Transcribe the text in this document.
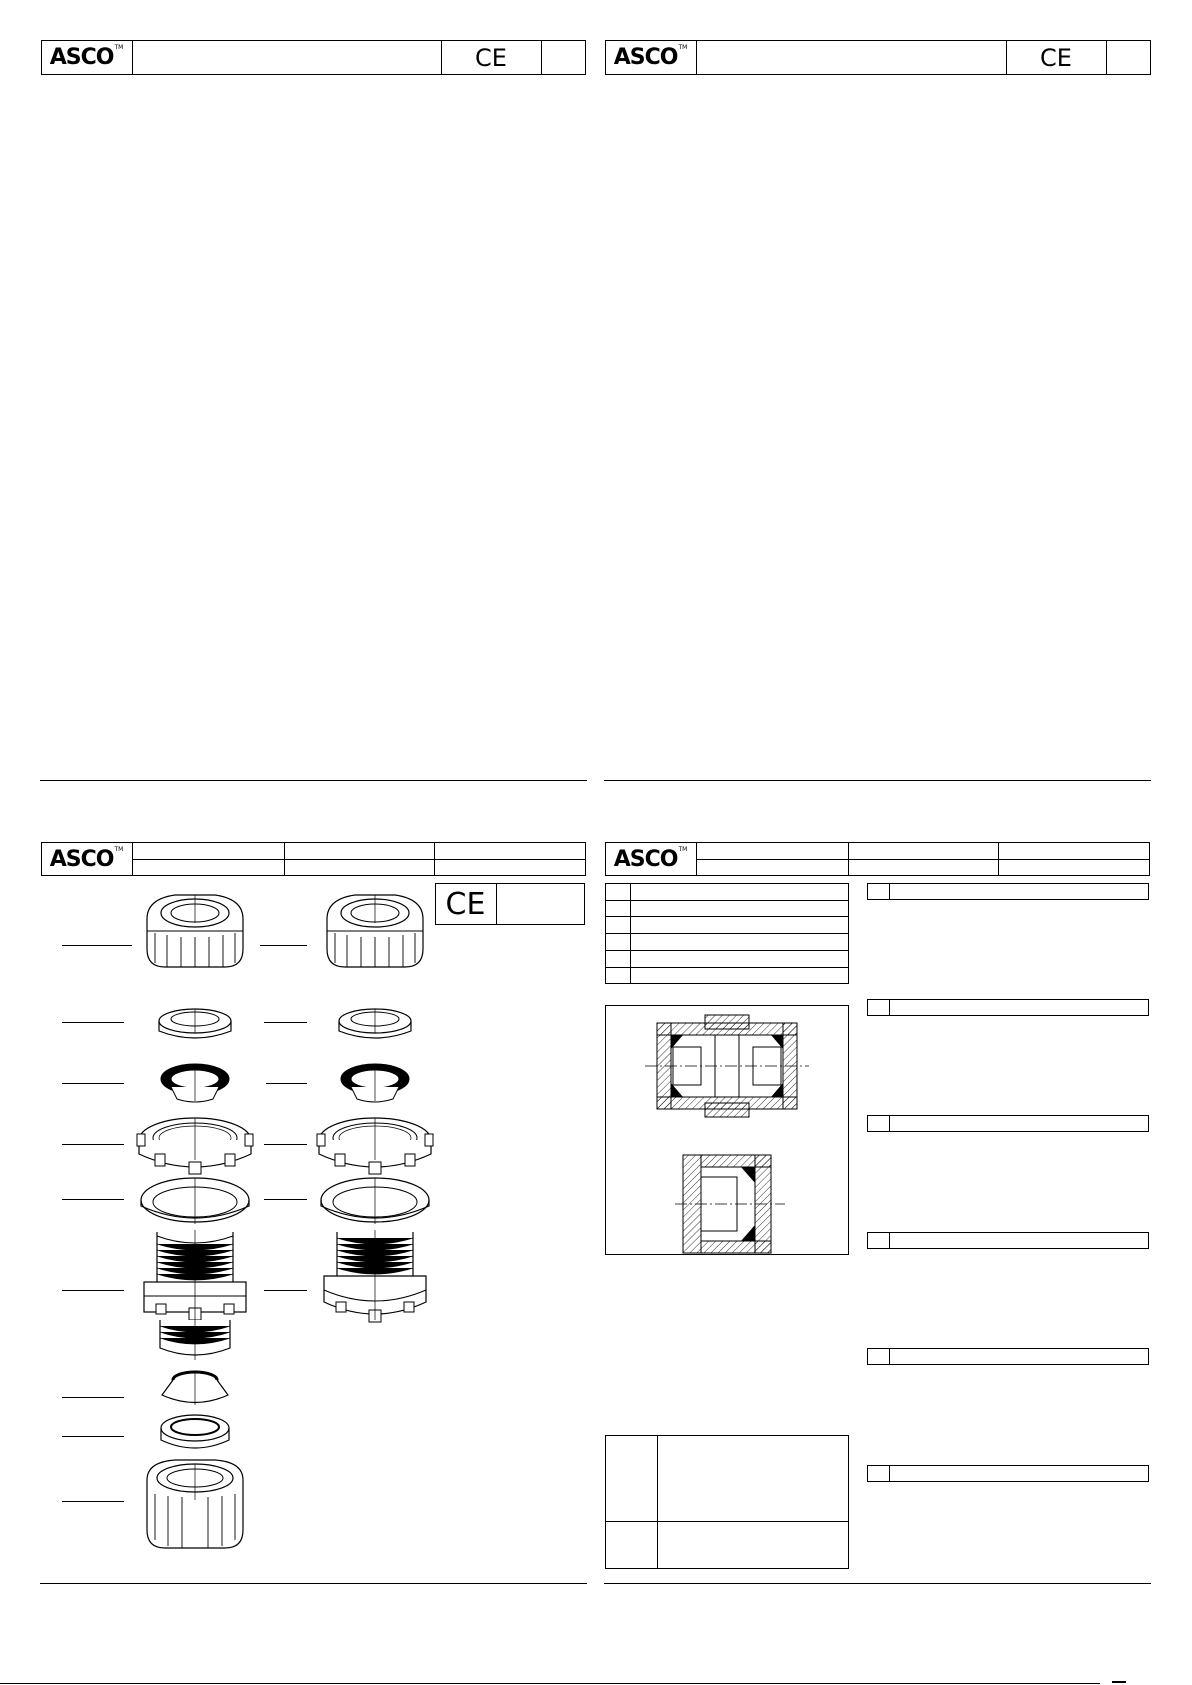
ASCO™	CE	ASCO™	CE
ASCO™
CE
ASCO™
